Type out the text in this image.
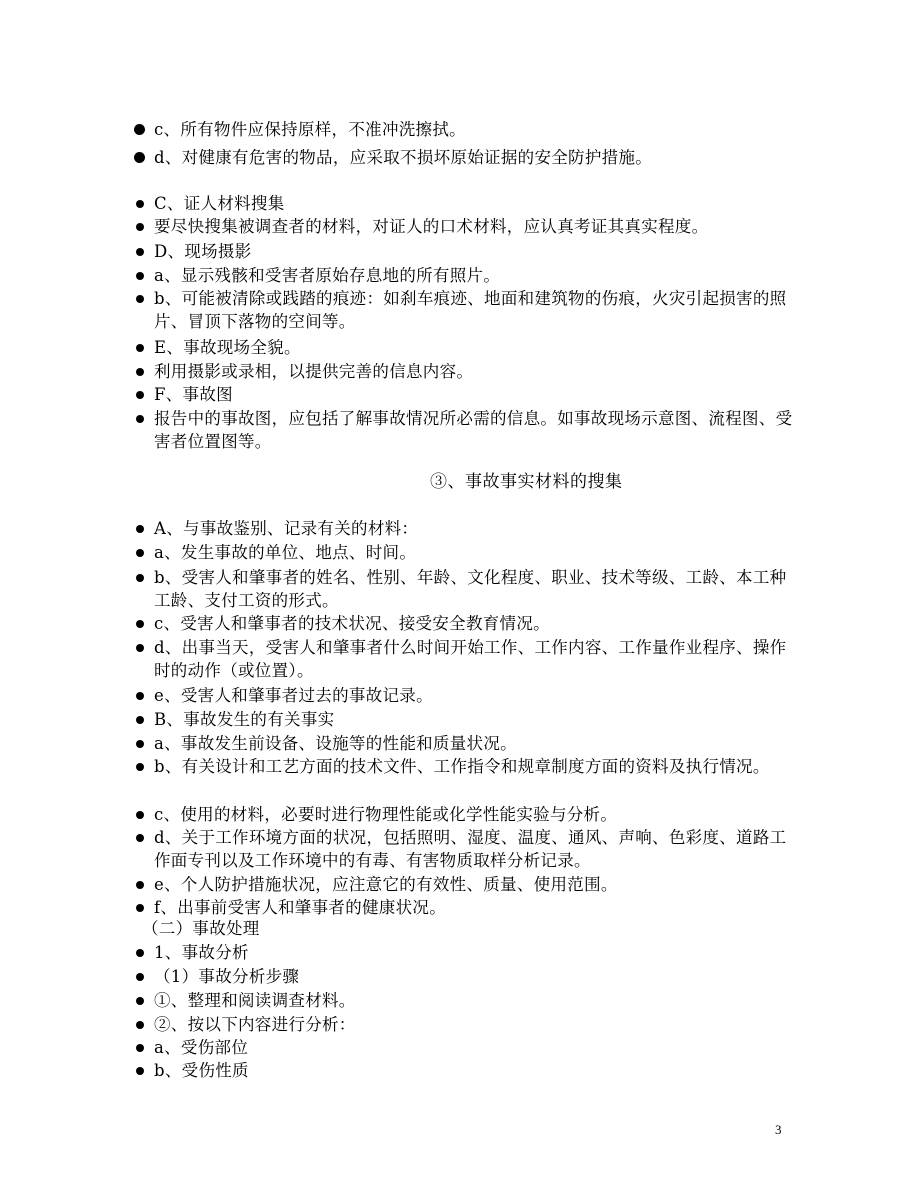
c、所有物件应保持原样，不准冲洗擦拭。
d、对健康有危害的物品，应采取不损坏原始证据的安全防护措施。
C、证人材料搜集
要尽快搜集被调查者的材料，对证人的口术材料，应认真考证其真实程度。
D、现场摄影
a、显示残骸和受害者原始存息地的所有照片。
b、可能被清除或践踏的痕迹：如刹车痕迹、地面和建筑物的伤痕，火灾引起损害的照片、冒顶下落物的空间等。
E、事故现场全貌。
利用摄影或录相，以提供完善的信息内容。
F、事故图
报告中的事故图，应包括了解事故情况所必需的信息。如事故现场示意图、流程图、受害者位置图等。
③、事故事实材料的搜集
A、与事故鉴别、记录有关的材料：
a、发生事故的单位、地点、时间。
b、受害人和肇事者的姓名、性别、年龄、文化程度、职业、技术等级、工龄、本工种工龄、支付工资的形式。
c、受害人和肇事者的技术状况、接受安全教育情况。
d、出事当天，受害人和肇事者什么时间开始工作、工作内容、工作量作业程序、操作时的动作（或位置）。
e、受害人和肇事者过去的事故记录。
B、事故发生的有关事实
a、事故发生前设备、设施等的性能和质量状况。
b、有关设计和工艺方面的技术文件、工作指令和规章制度方面的资料及执行情况。
c、使用的材料，必要时进行物理性能或化学性能实验与分析。
d、关于工作环境方面的状况，包括照明、湿度、温度、通风、声响、色彩度、道路工作面专刊以及工作环境中的有毒、有害物质取样分析记录。
e、个人防护措施状况，应注意它的有效性、质量、使用范围。
f、出事前受害人和肇事者的健康状况。
（二）事故处理
1、事故分析
（1）事故分析步骤
①、整理和阅读调查材料。
②、按以下内容进行分析：
a、受伤部位
b、受伤性质
3
